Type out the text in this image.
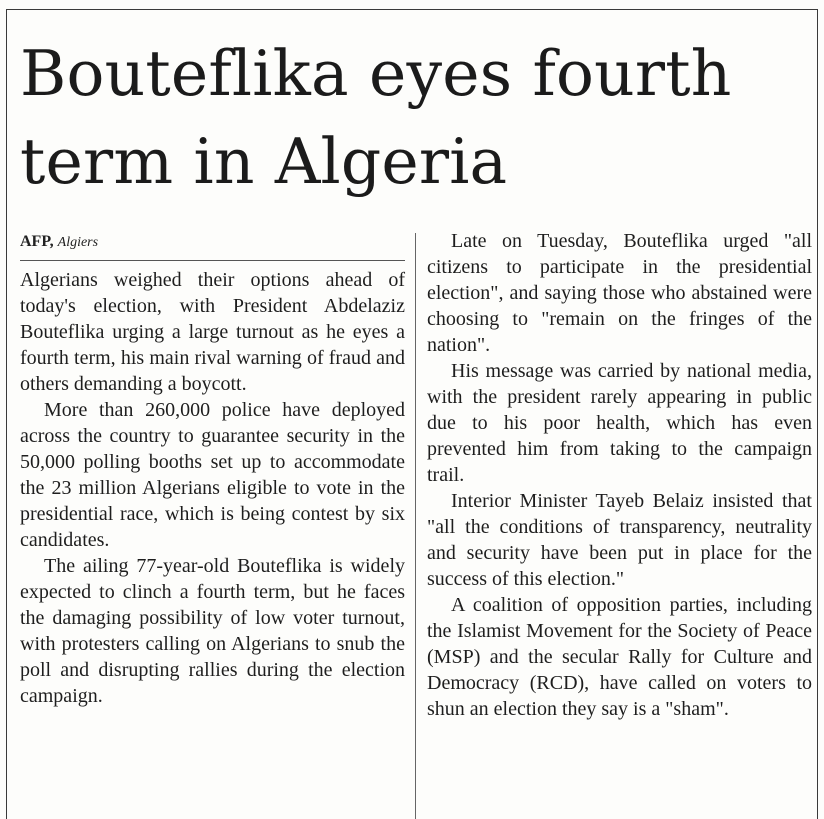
Bouteflika eyes fourth term in Algeria
AFP, Algiers

Algerians weighed their options ahead of today's election, with President Abdelaziz Bouteflika urging a large turnout as he eyes a fourth term, his main rival warning of fraud and others demanding a boycott.

More than 260,000 police have deployed across the country to guarantee security in the 50,000 polling booths set up to accommodate the 23 million Algerians eligible to vote in the presidential race, which is being contest by six candidates.

The ailing 77-year-old Bouteflika is widely expected to clinch a fourth term, but he faces the damaging possibility of low voter turnout, with protesters calling on Algerians to snub the poll and disrupting rallies during the election campaign.

Late on Tuesday, Bouteflika urged "all citizens to participate in the presidential election", and saying those who abstained were choosing to "remain on the fringes of the nation".

His message was carried by national media, with the president rarely appearing in public due to his poor health, which has even prevented him from taking to the campaign trail.

Interior Minister Tayeb Belaiz insisted that "all the conditions of transparency, neutrality and security have been put in place for the success of this election."

A coalition of opposition parties, including the Islamist Movement for the Society of Peace (MSP) and the secular Rally for Culture and Democracy (RCD), have called on voters to shun an election they say is a "sham".
